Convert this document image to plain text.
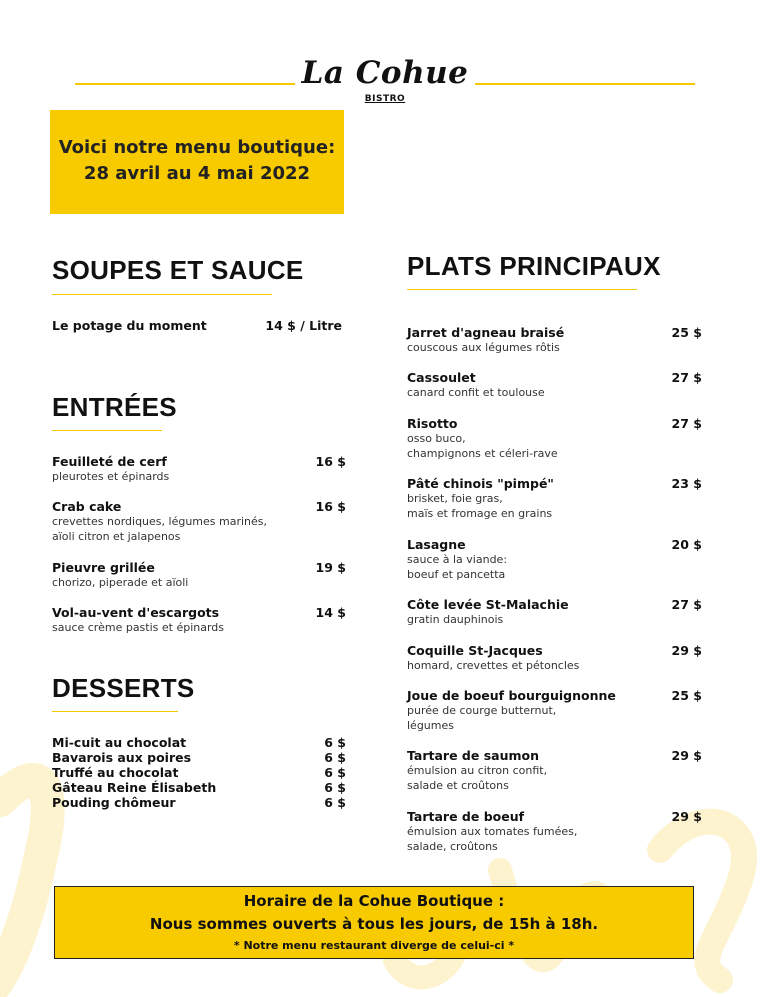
La Cohue
BISTRO
Voici notre menu boutique:
28 avril au 4 mai 2022
SOUPES ET SAUCE
Le potage du moment	14 $ / Litre
ENTRÉES
Feuilleté de cerf
pleurotes et épinards
16 $
Crab cake
crevettes nordiques, légumes marinés,
aïoli citron et jalapenos
16 $
Pieuvre grillée
chorizo, piperade et aïoli
19 $
Vol-au-vent d'escargots
sauce crème pastis et épinards
14 $
DESSERTS
Mi-cuit au chocolat
Bavarois aux poires
Truffé au chocolat
Gâteau Reine Élisabeth
Pouding chômeur
6 $
6 $
6 $
6 $
6 $
PLATS PRINCIPAUX
Jarret d'agneau braisé
couscous aux légumes rôtis
25 $
Cassoulet
canard confit et toulouse
27 $
Risotto
osso buco,
champignons et céleri-rave
27 $
Pâté chinois "pimpé"
brisket, foie gras,
maïs et fromage en grains
23 $
Lasagne
sauce à la viande:
boeuf et pancetta
20 $
Côte levée St-Malachie
gratin dauphinois
27 $
Coquille St-Jacques
homard, crevettes et pétoncles
29 $
Joue de boeuf bourguignonne
purée de courge butternut,
légumes
25 $
Tartare de saumon
émulsion au citron confit,
salade et croûtons
29 $
Tartare de boeuf
émulsion aux tomates fumées,
salade, croûtons
29 $
Horaire de la Cohue Boutique :
Nous sommes ouverts à tous les jours, de 15h à 18h.
* Notre menu restaurant diverge de celui-ci *
